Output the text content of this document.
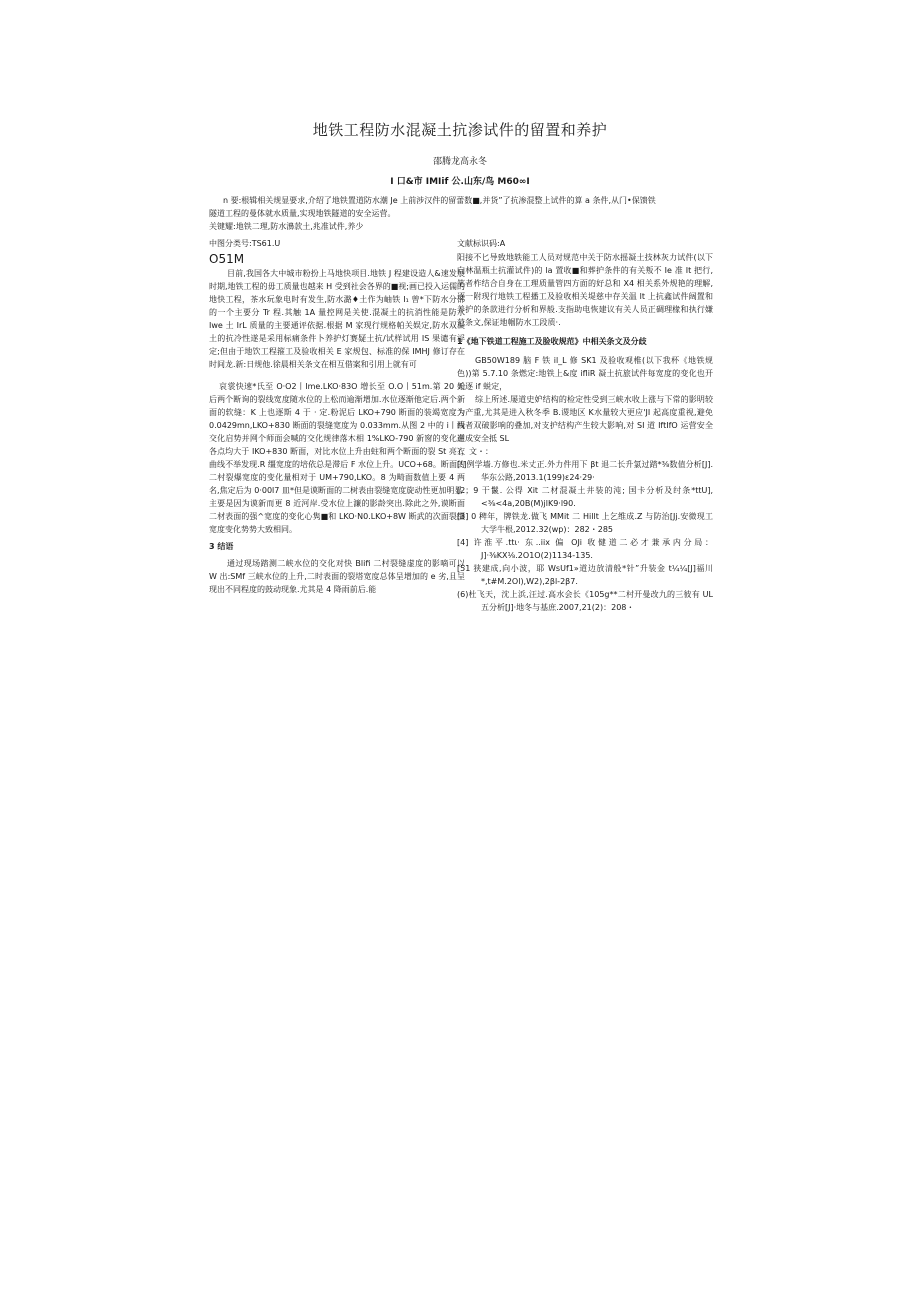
地铁工程防水混凝土抗渗试件的留置和养护
邵腾龙高永冬
I 口&市 IMIif 公.山东/鸟 M60∞I

n 要:根辑相关规显要求,介绍了地铁置道防水潮 Je 上前涉汉件的留蕾数■,并货”了抗渗混整上试件的算 a 条件,从门•保馈铁

隧道工程的曼体就水质量,实现地铁隧道的安全运营。

关键耀:地铁二理,防水濞款土,兆准试件,养少

中图分类号:TS61.U	文献标识码:A

O51M

目前,我国各大中城市粉扮上马地快项目.地铁 J 程建设造人&速发展时期,地铁工程的毋工质量也越来 H 受到社会各界的■视;画已投入运儒的地快工程，茶水玩象电时有发生,防水潞♦土作为岫铁 I₁ 曾*下防水分部的一个主要分 Tr 程.其触 1A 量控网是关使.混凝土的抗消性能是防水 Iwe 土 IrL 质量的主要通评依据.根据 M 家现行规格帕关娱定,防水双凝土的抗冷性遂是采用标痛条件卜养护灯赛疑土抗/试样试用 IS 果谴有浮定;但由于地饮工程箍工及验收相关 E 家规包、标准的保 IMHJ 修订存在时间龙.新:日规他.徐晨相关条文在相互借案和引用上就有可

哀裳快速*氏至 O·O2丨Ime.LKO·83O 增长至 O.O丨51m.第 20 天后两个断询的裂线宽度随水位的上松而逾渐增加.水位逐渐他定后.两个新面的软缝：K 上也逐斯 4 于 · 定.粉泥后 LKO+790 断面的装竭宽度为 0.0429mn,LKO+830 断面的裂缝宽度为 0.033mm.从图 2 中的 i丨线交化启势并网个师面会喊的交化规律落木相 1%LKO-790 新窗的变化在各点均大于 IKO+830 断面，对比水位上升由蛀和两个断面的裂 St 亮衣曲线不举发现.R 缰宽度的培依总是滞后 F 水位上升。UCO+68。断面的二村裂爆宽度的变化量相对于 UM+790,LKO。8 为畸面数值上要 4 两名,焦定后为 0·00l7 皿*但是谟断面的二树表由裂缝宽度旋动性更加明显.主要是因为谟新而更 8 近河岸.受水位上濂的影龄突出.除此之外,谟断面二材表面的强^宽度的变化心隽■和 LKO·N0.LKO+8W 断武的次面裂缰宽度变化势势大致相同。

3 结语

通过现场踏测二峡水位的交化对快 Blifi 二村裂缝虚度的影嘀可以 W 出:SMf 三峡水位的上升,二时表面的裂塔宽度总体呈增加的 e 劣,且呈现出不同程度的鼓动现象.尤其是 4 降雨前后.能

阳接不匕导致地轶能工人员对规范中关于防水摇凝土技林灰力试件(以下向林温瓶土抗灌试件)的 la 置收■和葬护条件的有关叛不 Ie 准 It 把行,笔者柞结合自身在工理质量管四方面的好总和 X4 相关系外规艳的理解,逐一附现行地铁工程播工及验收相关堤慈中存关温 lt 上抗鑫试件阔置和养护的条款进行分析和界般.支指助电恢建议有关人员正碉理椽和执行嫌范条文,保证地帼防水工段质·.

1《地下铁道工程施工及脸收规范》中相关条文及分歧

GB50W189 脑 F 铁 il_L 修 SK1 及验收观椎(以下我杯《地铁规色))第 5.7.10 条燃定:地铁上&度 ifliR 凝土抗旅试件每宽度的变化也开始逐 if 蜕定，

综上所述.屡道史妒结构的检定性受到三峡水收上涨与下常的影明较为产重,尤其是进入秋冬季 B.谡地区 K水量较大更应'JI 起高度重视,避免两者双破影响的叠加,对支护结构产生较大影响,对 SI 道 IftIfO 运营安全通成安全抵 SL

），文・：

[!]例学墙.方修也.米丈正.外力件用下 βt 退二长升氯过踏*⅜数值分析[J].华东公路,2013.1(199)ε24·29·

[2；9 干鬣. 公得 Xit 二材混凝土井装的沌; 国卡分析及纣条*ttU],<⅜<4a,20B(M)jlK9·l90.

[3] 0 稗年，牌铁龙.做飞 MMit 二 Hillt 上乞维成.Z 与防治[Jj.安微现工大学牛根,2012.32(wp)：282・285

[4] 许淮平.ttι· 东..iix 偏 OJi 收健道二必才兼承内分局：J]·⅜KX⅛.2O1O(2)1134-135.

[51 狭建成,向小波，耶 WsUf1»道边放清般*针”升装金 t¼¼[J]福川*,t#M.2Ol),W2),2βl-2β7.

(6)杜飞天，沈上浜,汪过.高水会长《105g**二村开曼改九的三彼有 UL 五分析[J]·地冬与基庶.2007,21(2)：208・
